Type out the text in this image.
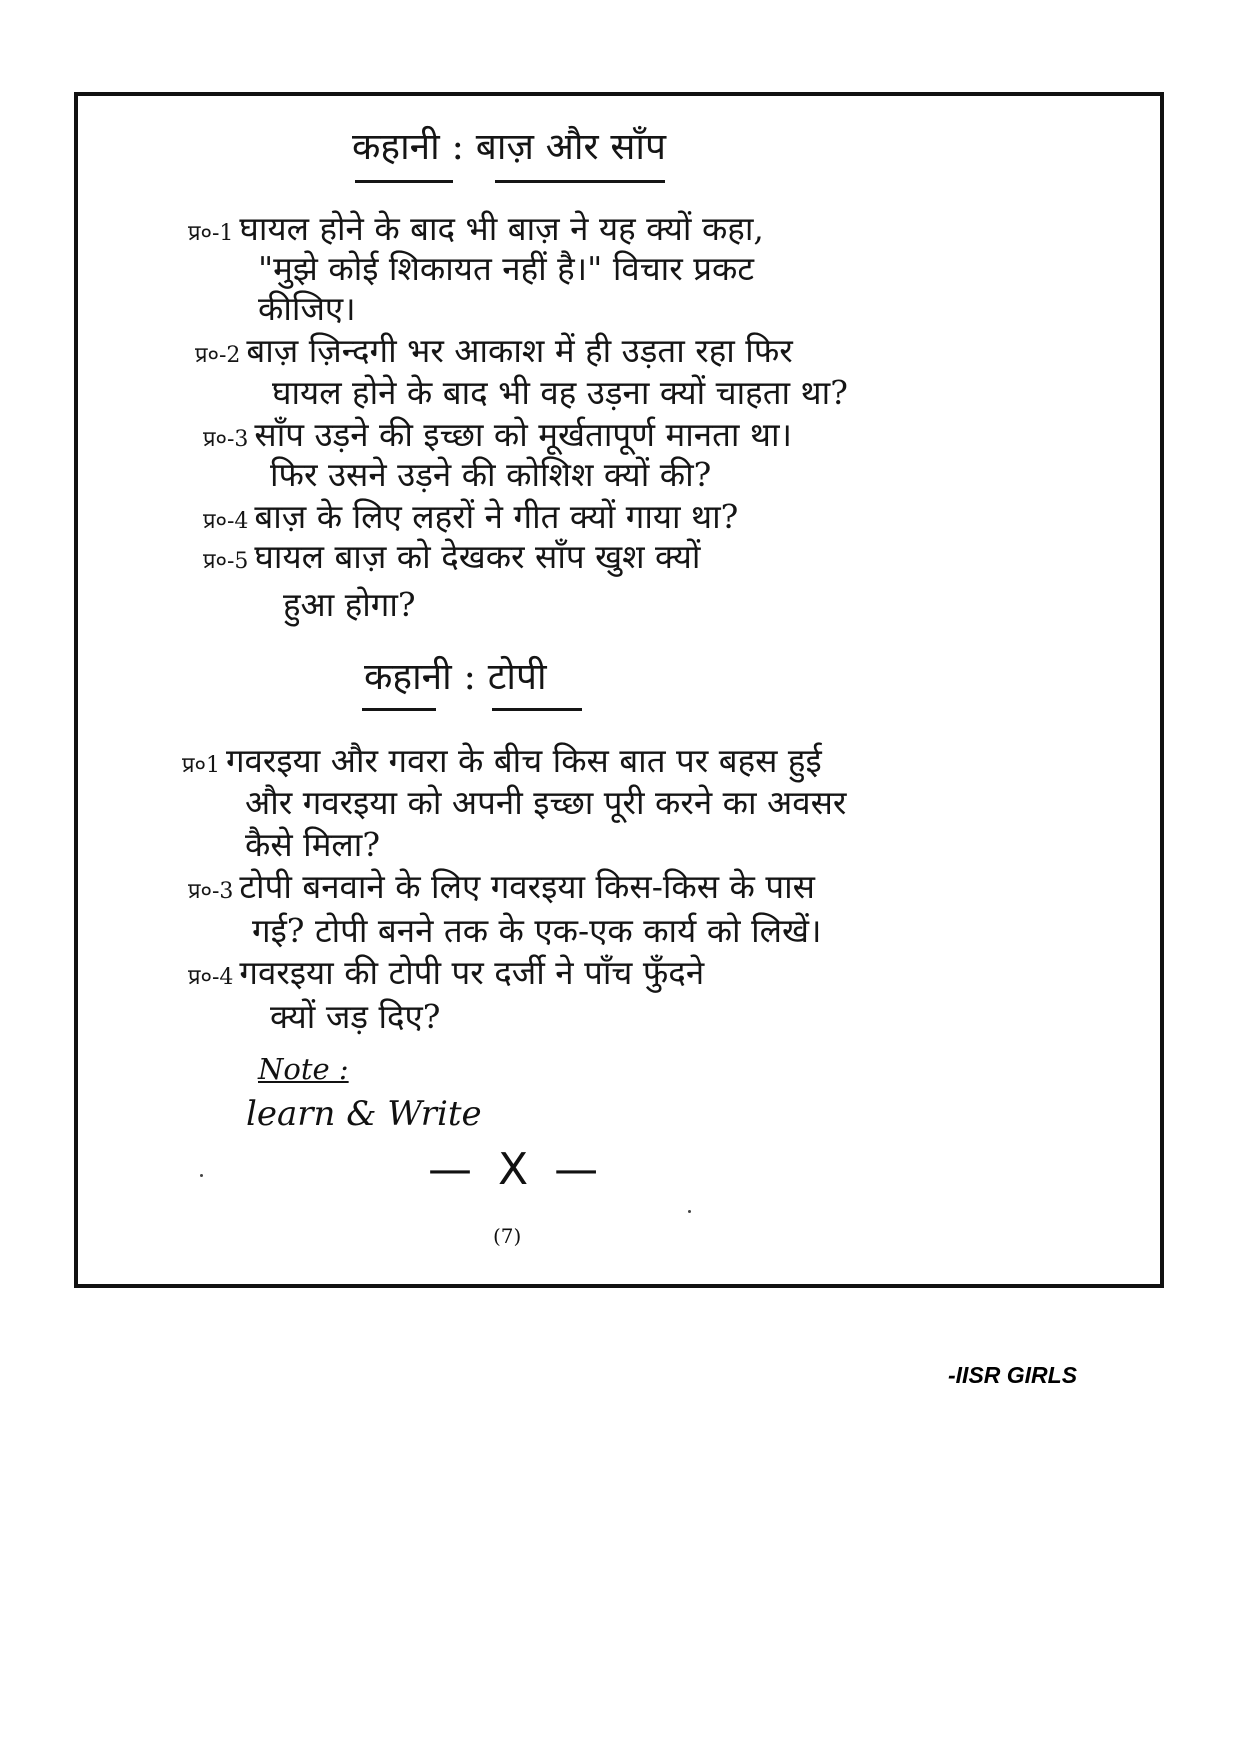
कहानी : बाज़ और साँप
प्र०-1 घायल होने के बाद भी बाज़ ने यह क्यों कहा,
"मुझे कोई शिकायत नहीं है।" विचार प्रकट
कीजिए।
प्र०-2 बाज़ ज़िन्दगी भर आकाश में ही उड़ता रहा फिर
घायल होने के बाद भी वह उड़ना क्यों चाहता था?
प्र०-3 साँप उड़ने की इच्छा को मूर्खतापूर्ण मानता था।
फिर उसने उड़ने की कोशिश क्यों की?
प्र०-4 बाज़ के लिए लहरों ने गीत क्यों गाया था?
प्र०-5 घायल बाज़ को देखकर साँप खुश क्यों
हुआ होगा?
कहानी : टोपी
प्र०1 गवरइया और गवरा के बीच किस बात पर बहस हुई
और गवरइया को अपनी इच्छा पूरी करने का अवसर
कैसे मिला?
प्र०-3 टोपी बनवाने के लिए गवरइया किस-किस के पास
गई? टोपी बनने तक के एक-एक कार्य को लिखें।
प्र०-4 गवरइया की टोपी पर दर्जी ने पाँच फुँदने
क्यों जड़ दिए?
Note :
learn & Write
— X —
(7)
-IISR GIRLS
